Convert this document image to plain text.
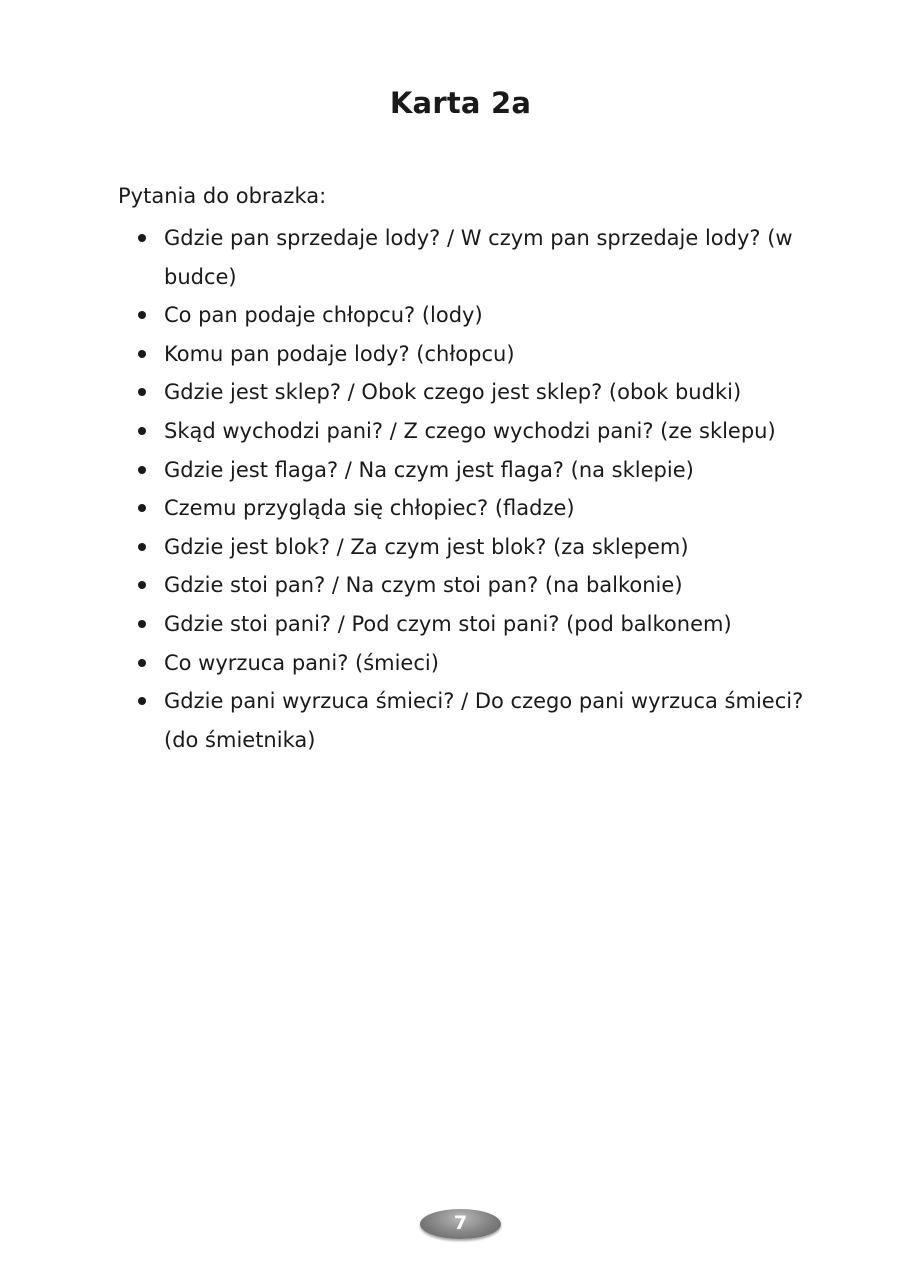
Karta 2a
Pytania do obrazka:
Gdzie pan sprzedaje lody? / W czym pan sprzedaje lody? (w budce)
Co pan podaje chłopcu? (lody)
Komu pan podaje lody? (chłopcu)
Gdzie jest sklep? / Obok czego jest sklep? (obok budki)
Skąd wychodzi pani? / Z czego wychodzi pani? (ze sklepu)
Gdzie jest flaga? / Na czym jest flaga? (na sklepie)
Czemu przygląda się chłopiec? (fladze)
Gdzie jest blok? / Za czym jest blok? (za sklepem)
Gdzie stoi pan? / Na czym stoi pan? (na balkonie)
Gdzie stoi pani? / Pod czym stoi pani? (pod balkonem)
Co wyrzuca pani? (śmieci)
Gdzie pani wyrzuca śmieci? / Do czego pani wyrzuca śmieci? (do śmietnika)
7
